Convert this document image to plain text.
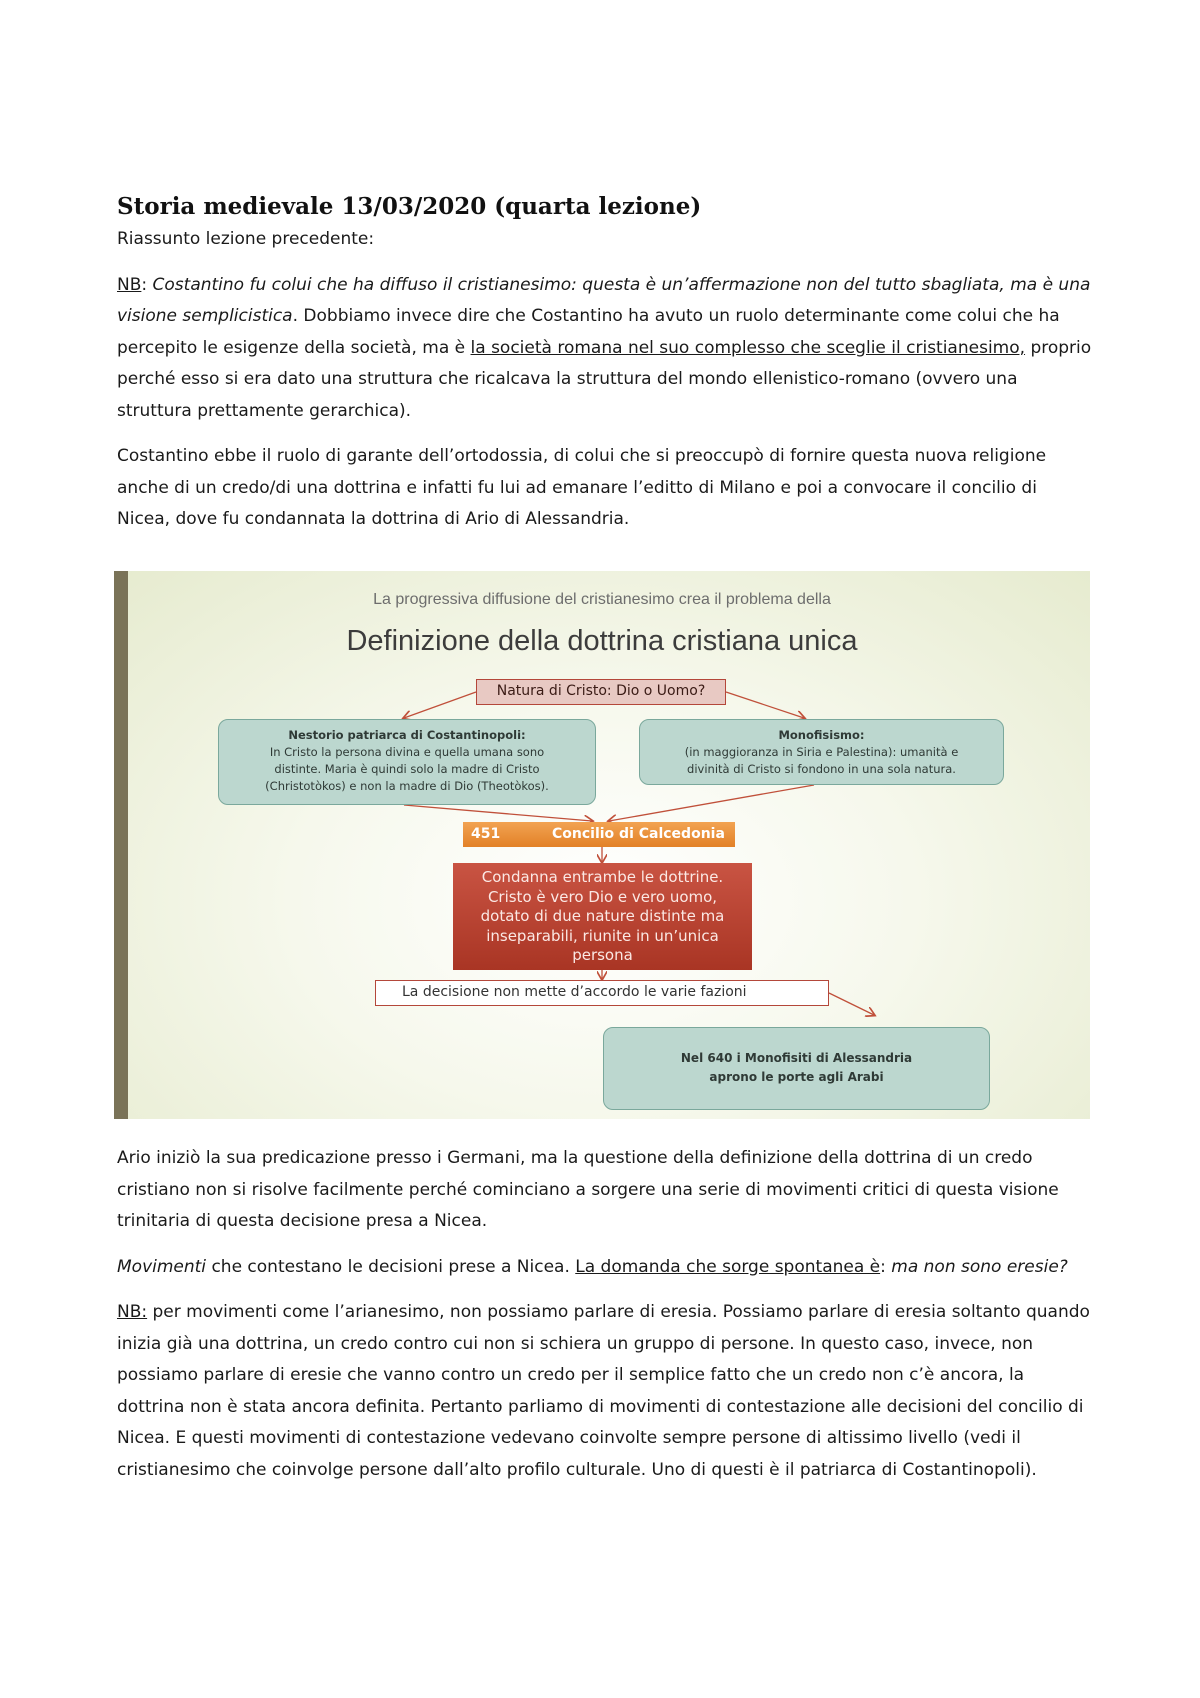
Storia medievale 13/03/2020 (quarta lezione)

Riassunto lezione precedente:

NB: Costantino fu colui che ha diffuso il cristianesimo: questa è un’affermazione non del tutto sbagliata, ma è una visione semplicistica. Dobbiamo invece dire che Costantino ha avuto un ruolo determinante come colui che ha percepito le esigenze della società, ma è la società romana nel suo complesso che sceglie il cristianesimo, proprio perché esso si era dato una struttura che ricalcava la struttura del mondo ellenistico-romano (ovvero una struttura prettamente gerarchica).

Costantino ebbe il ruolo di garante dell’ortodossia, di colui che si preoccupò di fornire questa nuova religione anche di un credo/di una dottrina e infatti fu lui ad emanare l’editto di Milano e poi a convocare il concilio di Nicea, dove fu condannata la dottrina di Ario di Alessandria.

La progressiva diffusione del cristianesimo crea il problema della
Definizione della dottrina cristiana unica
Natura di Cristo: Dio o Uomo?
Nestorio patriarca di Costantinopoli:
In Cristo la persona divina e quella umana sono
distinte. Maria è quindi solo la madre di Cristo
(Christotòkos) e non la madre di Dio (Theotòkos).
Monofisismo:
(in maggioranza in Siria e Palestina): umanità e
divinità di Cristo si fondono in una sola natura.
451	Concilio di Calcedonia
Condanna entrambe le dottrine.
Cristo è vero Dio e vero uomo,
dotato di due nature distinte ma
inseparabili, riunite in un’unica
persona
La decisione non mette d’accordo le varie fazioni
Nel 640 i Monofisiti di Alessandria
aprono le porte agli Arabi

Ario iniziò la sua predicazione presso i Germani, ma la questione della definizione della dottrina di un credo cristiano non si risolve facilmente perché cominciano a sorgere una serie di movimenti critici di questa visione trinitaria di questa decisione presa a Nicea.

Movimenti che contestano le decisioni prese a Nicea. La domanda che sorge spontanea è: ma non sono eresie?

NB: per movimenti come l’arianesimo, non possiamo parlare di eresia. Possiamo parlare di eresia soltanto quando inizia già una dottrina, un credo contro cui non si schiera un gruppo di persone. In questo caso, invece, non possiamo parlare di eresie che vanno contro un credo per il semplice fatto che un credo non c’è ancora, la dottrina non è stata ancora definita. Pertanto parliamo di movimenti di contestazione alle decisioni del concilio di Nicea. E questi movimenti di contestazione vedevano coinvolte sempre persone di altissimo livello (vedi il cristianesimo che coinvolge persone dall’alto profilo culturale. Uno di questi è il patriarca di Costantinopoli).
